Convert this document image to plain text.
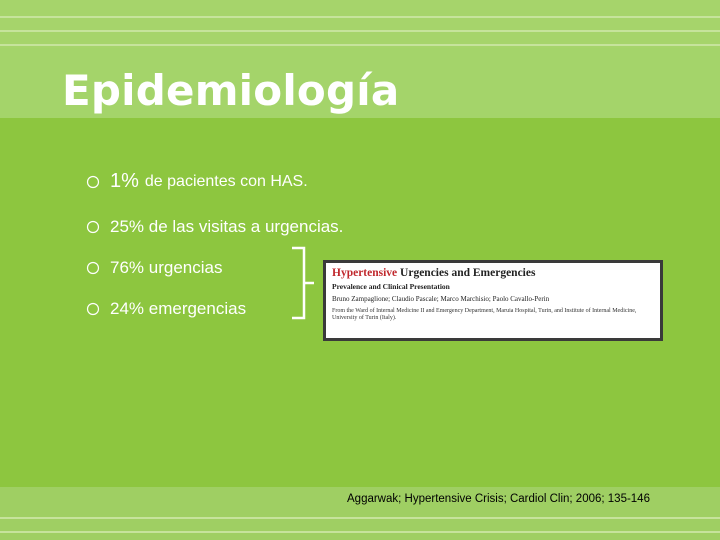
Epidemiología
1% de pacientes con HAS.
25% de las visitas a urgencias.
76% urgencias
24% emergencias
Hypertensive Urgencies and Emergencies
Prevalence and Clinical Presentation
Bruno Zampaglione; Claudio Pascale; Marco Marchisio; Paolo Cavallo-Perin
From the Ward of Internal Medicine II and Emergency Department, Maruia Hospital, Turin, and Institute of Internal Medicine, University of Turin (Italy).
Aggarwak; Hypertensive Crisis; Cardiol Clin; 2006; 135-146
